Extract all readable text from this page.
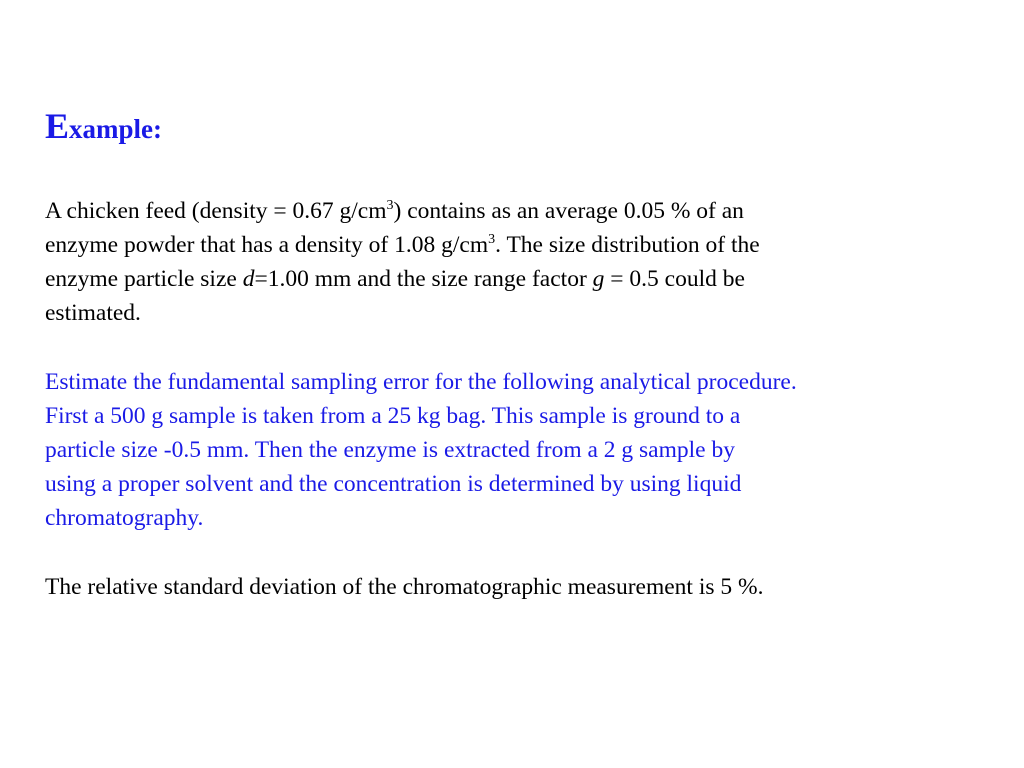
Example:

A chicken feed (density = 0.67 $g/cm^3$) contains as an average 0.05 % of an
enzyme powder that has a density of 1.08 $g/cm^3$. The size distribution of the
enzyme particle size d=1.00 mm and the size range factor g = 0.5 could be
estimated.

Estimate the fundamental sampling error for the following analytical procedure.
First a 500 g sample is taken from a 25 kg bag. This sample is ground to a
particle size -0.5 mm. Then the enzyme is extracted from a 2 g sample by
using a proper solvent and the concentration is determined by using liquid
chromatography.

The relative standard deviation of the chromatographic measurement is 5 %.
